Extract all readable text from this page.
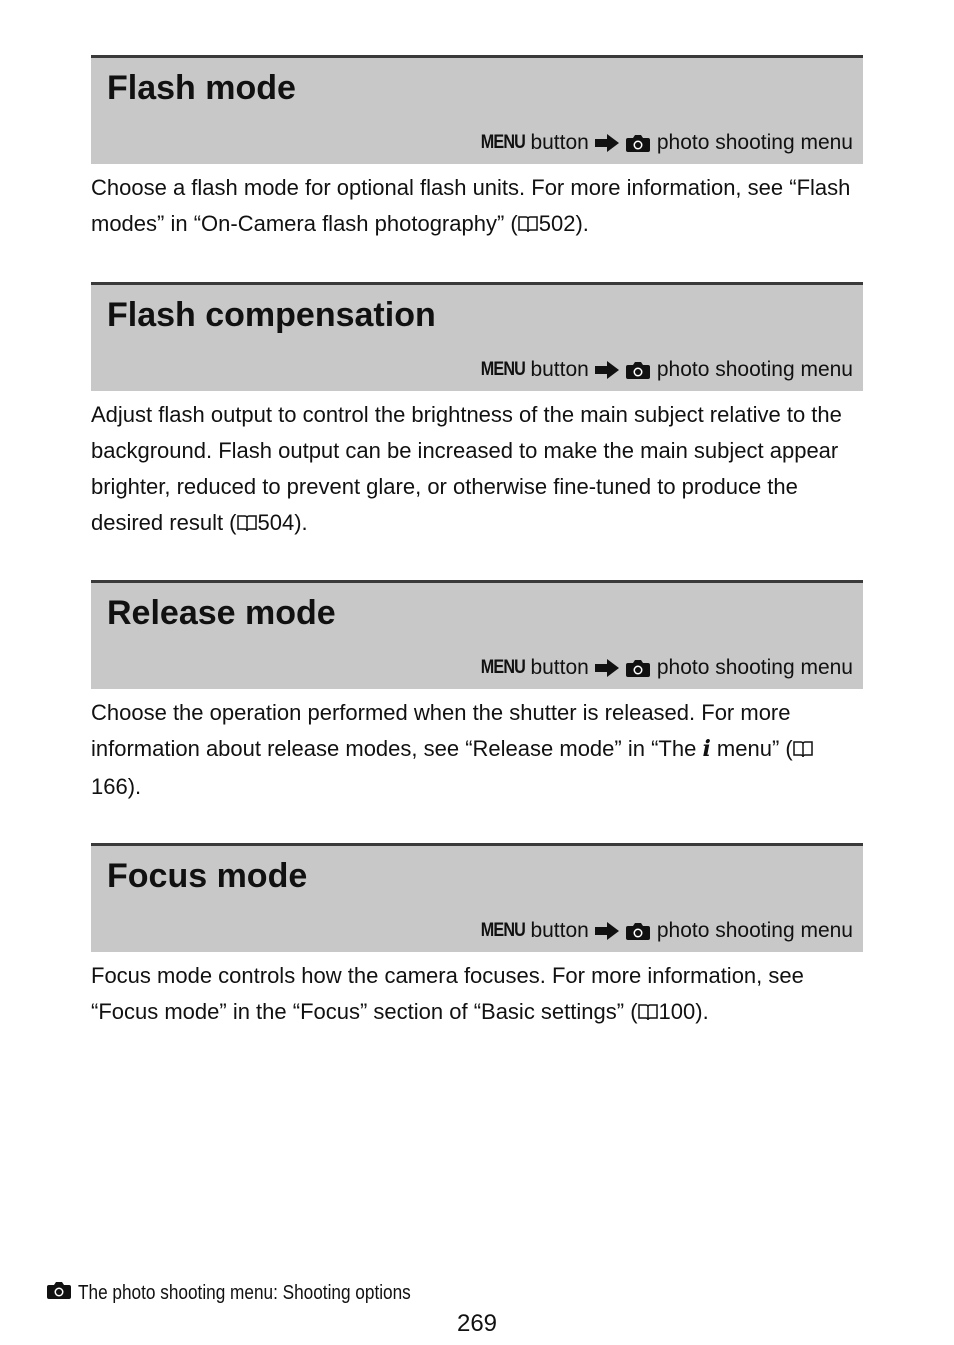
Flash mode
MENU button	photo shooting menu

Choose a flash mode for optional flash units. For more information, see “Flash modes” in “On-Camera flash photography” ( 502).

Flash compensation
MENU button	photo shooting menu

Adjust flash output to control the brightness of the main subject relative to the background. Flash output can be increased to make the main subject appear brighter, reduced to prevent glare, or otherwise fine-tuned to produce the desired result ( 504).

Release mode
MENU button	photo shooting menu

Choose the operation performed when the shutter is released. For more information about release modes, see “Release mode” in “The i menu” (166).

Focus mode
MENU button	photo shooting menu

Focus mode controls how the camera focuses. For more information, see “Focus mode” in the “Focus” section of “Basic settings” ( 100).

The photo shooting menu: Shooting options
269
